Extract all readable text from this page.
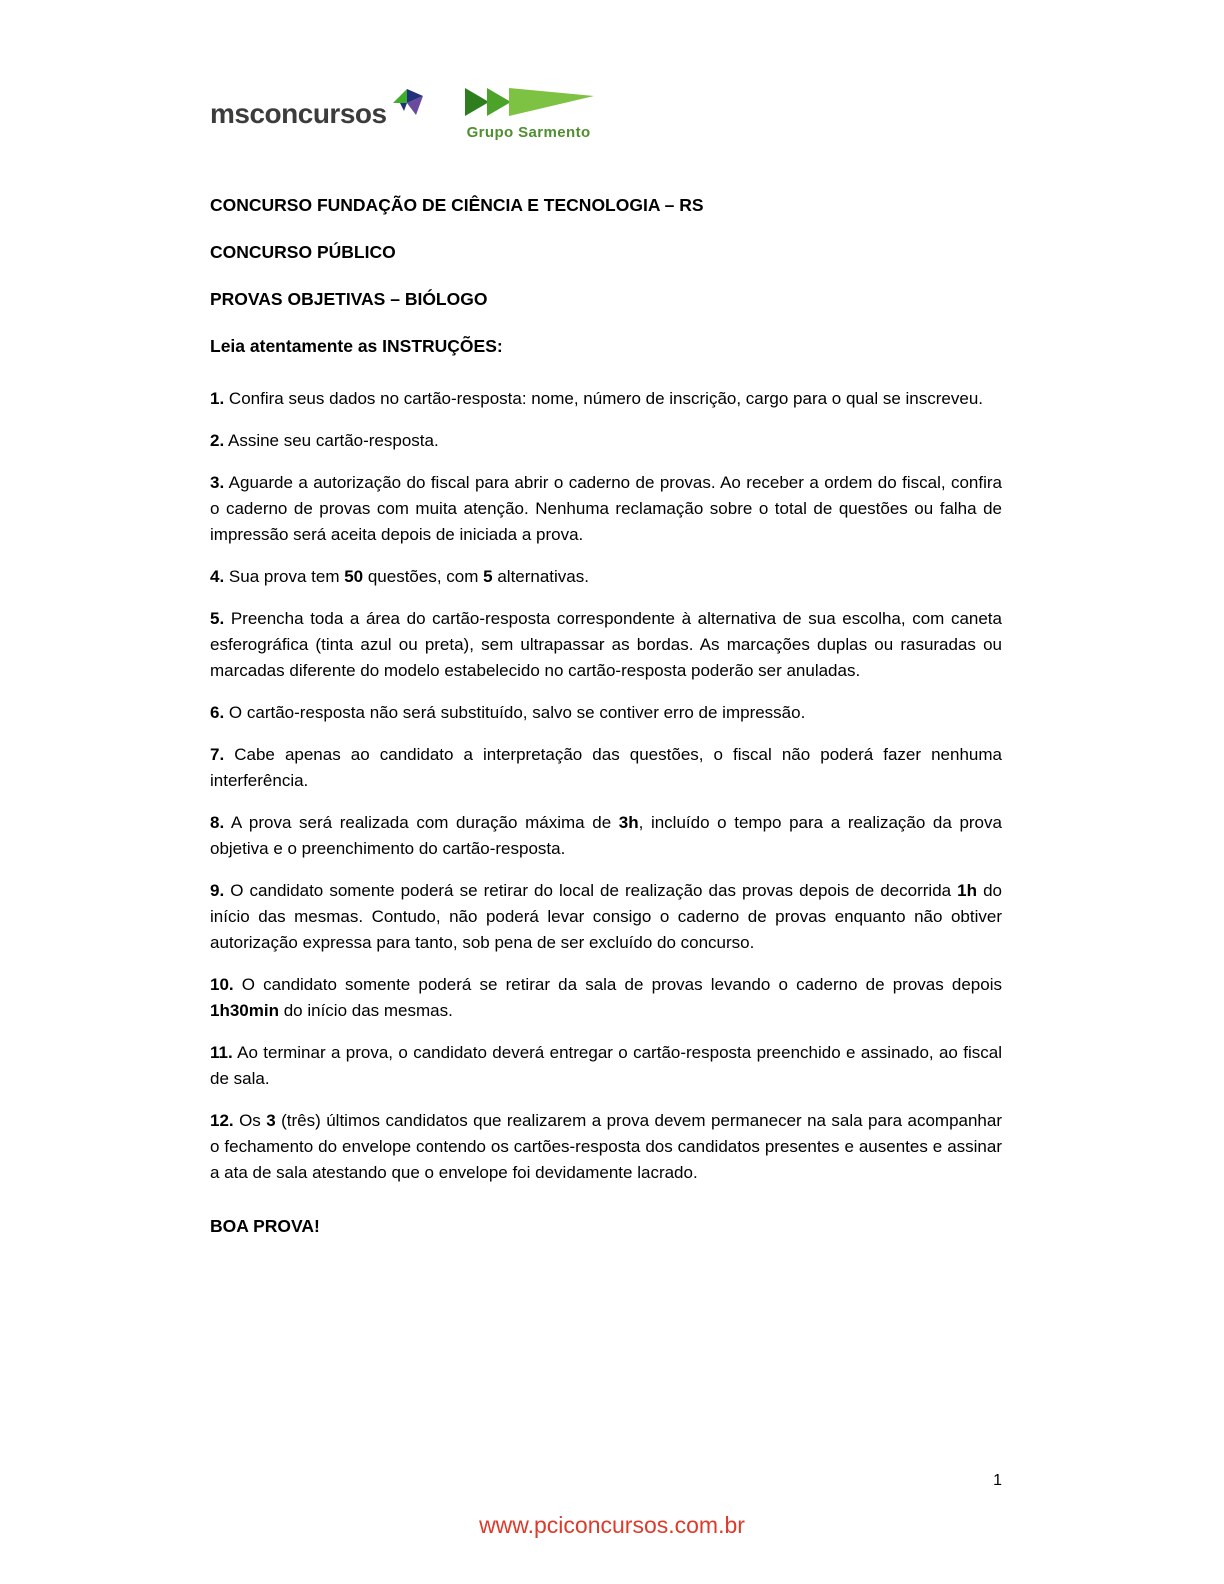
msconcursos
Grupo Sarmento
CONCURSO FUNDAÇÃO DE CIÊNCIA E TECNOLOGIA – RS
CONCURSO PÚBLICO
PROVAS OBJETIVAS – BIÓLOGO
Leia atentamente as INSTRUÇÕES:

1. Confira seus dados no cartão-resposta: nome, número de inscrição, cargo para o qual se inscreveu.

2. Assine seu cartão-resposta.

3. Aguarde a autorização do fiscal para abrir o caderno de provas. Ao receber a ordem do fiscal, confira o caderno de provas com muita atenção. Nenhuma reclamação sobre o total de questões ou falha de impressão será aceita depois de iniciada a prova.

4. Sua prova tem 50 questões, com 5 alternativas.

5. Preencha toda a área do cartão-resposta correspondente à alternativa de sua escolha, com caneta esferográfica (tinta azul ou preta), sem ultrapassar as bordas. As marcações duplas ou rasuradas ou marcadas diferente do modelo estabelecido no cartão-resposta poderão ser anuladas.

6. O cartão-resposta não será substituído, salvo se contiver erro de impressão.

7. Cabe apenas ao candidato a interpretação das questões, o fiscal não poderá fazer nenhuma interferência.

8. A prova será realizada com duração máxima de 3h, incluído o tempo para a realização da prova objetiva e o preenchimento do cartão-resposta.

9. O candidato somente poderá se retirar do local de realização das provas depois de decorrida 1h do início das mesmas. Contudo, não poderá levar consigo o caderno de provas enquanto não obtiver autorização expressa para tanto, sob pena de ser excluído do concurso.

10. O candidato somente poderá se retirar da sala de provas levando o caderno de provas depois 1h30min do início das mesmas.

11. Ao terminar a prova, o candidato deverá entregar o cartão-resposta preenchido e assinado, ao fiscal de sala.

12. Os 3 (três) últimos candidatos que realizarem a prova devem permanecer na sala para acompanhar o fechamento do envelope contendo os cartões-resposta dos candidatos presentes e ausentes e assinar a ata de sala atestando que o envelope foi devidamente lacrado.

BOA PROVA!

1
www.pciconcursos.com.br
